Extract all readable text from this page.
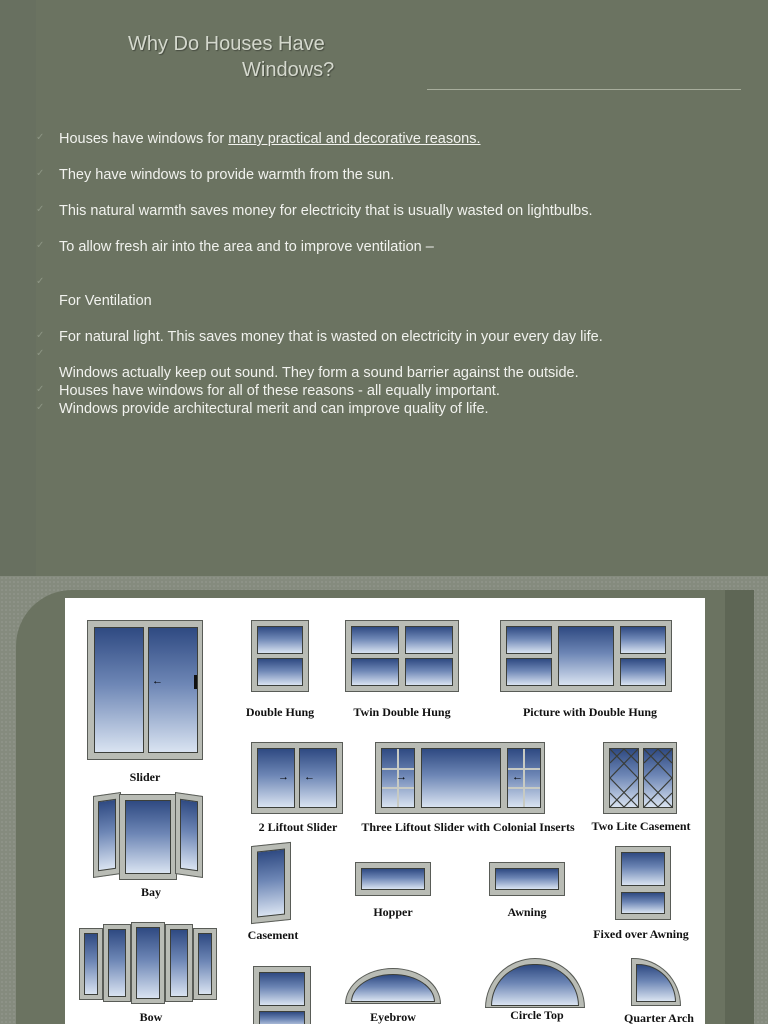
Why Do Houses Have
Windows?
✓ Houses have windows for many practical and decorative reasons.
✓ They have windows to provide warmth from the sun.
✓ This natural warmth saves money for electricity that is usually wasted on lightbulbs.
✓ To allow fresh air into the area and to improve ventilation –
✓
For Ventilation
✓ For natural light. This saves money that is wasted on electricity in your every day life.
✓
Windows actually keep out sound. They form a sound barrier against the outside.
✓ Houses have windows for all of these reasons - all equally important.
✓ Windows provide architectural merit and can improve quality of life.
←
Slider
Double Hung	Twin Double Hung	Picture with Double Hung
→ ←
2 Liftout Slider
→	←
Three Liftout Slider with Colonial Inserts	Two Lite Casement
Bay
Casement
Hopper	Awning
Fixed over Awning
Bow	Eyebrow	Circle Top	Quarter Arch
